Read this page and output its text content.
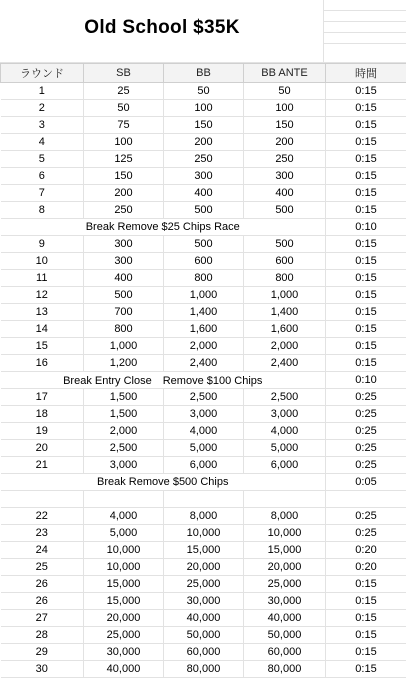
Old School $35K
ラウンド	SB	BB	BB ANTE	時間
1	25	50	50	0:15
2	50	100	100	0:15
3	75	150	150	0:15
4	100	200	200	0:15
5	125	250	250	0:15
6	150	300	300	0:15
7	200	400	400	0:15
8	250	500	500	0:15
Break Remove $25 Chips Race				0:10
9	300	500	500	0:15
10	300	600	600	0:15
11	400	800	800	0:15
12	500	1,000	1,000	0:15
13	700	1,400	1,400	0:15
14	800	1,600	1,600	0:15
15	1,000	2,000	2,000	0:15
16	1,200	2,400	2,400	0:15
Break Entry Close　Remove $100 Chips				0:10
17	1,500	2,500	2,500	0:25
18	1,500	3,000	3,000	0:25
19	2,000	4,000	4,000	0:25
20	2,500	5,000	5,000	0:25
21	3,000	6,000	6,000	0:25
Break Remove $500 Chips				0:05

22	4,000	8,000	8,000	0:25
23	5,000	10,000	10,000	0:25
24	10,000	15,000	15,000	0:20
25	10,000	20,000	20,000	0:20
26	15,000	25,000	25,000	0:15
26	15,000	30,000	30,000	0:15
27	20,000	40,000	40,000	0:15
28	25,000	50,000	50,000	0:15
29	30,000	60,000	60,000	0:15
30	40,000	80,000	80,000	0:15
